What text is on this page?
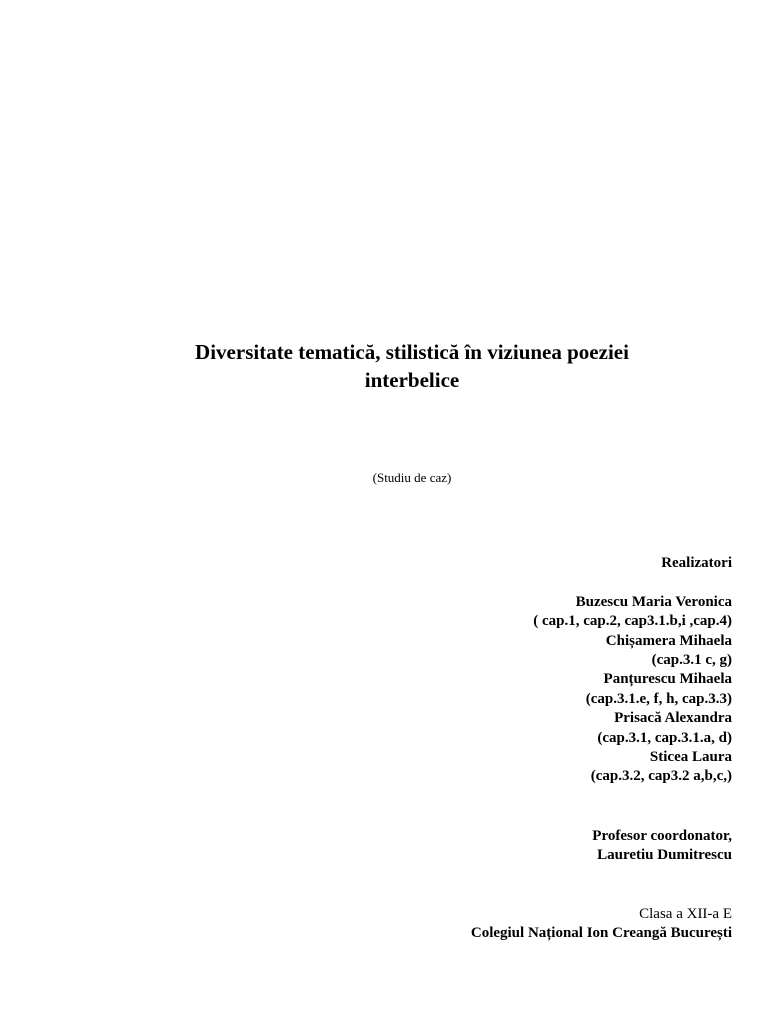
Diversitate tematică, stilistică în viziunea poeziei
interbelice
(Studiu de caz)
Realizatori

Buzescu Maria Veronica
( cap.1, cap.2, cap3.1.b,i ,cap.4)
Chișamera Mihaela
(cap.3.1 c, g)
Panțurescu Mihaela
(cap.3.1.e, f, h, cap.3.3)
Prisacă Alexandra
(cap.3.1, cap.3.1.a, d)
Sticea Laura
(cap.3.2, cap3.2 a,b,c,)
Profesor coordonator,
Lauretiu Dumitrescu
Clasa a XII-a E
Colegiul Național Ion Creangă București
